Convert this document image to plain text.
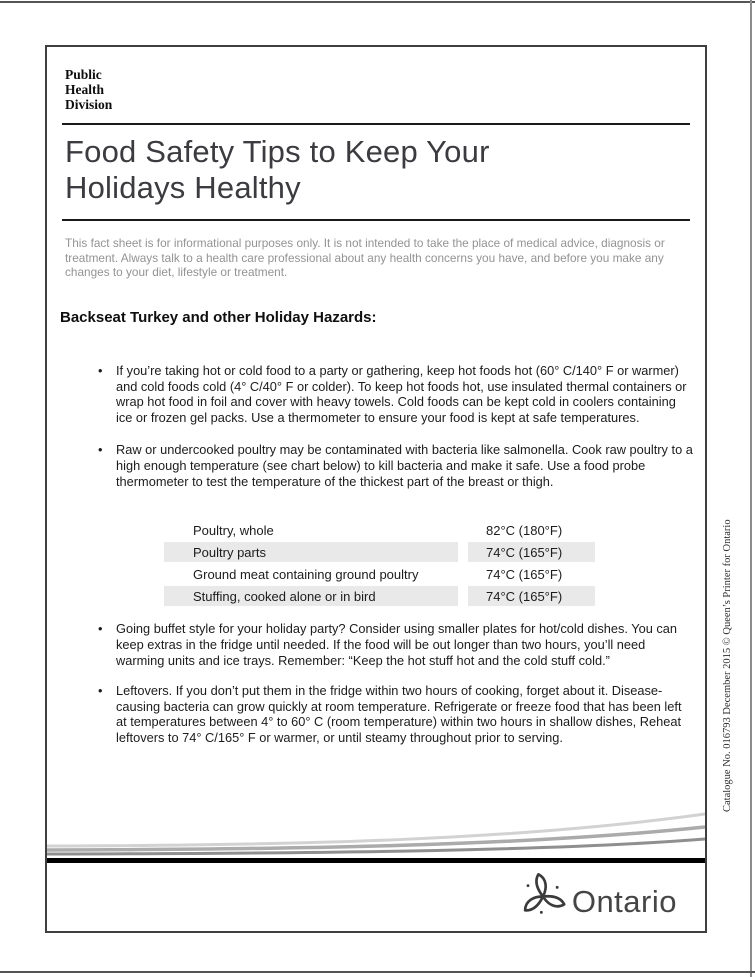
Public
Health
Division
Food Safety Tips to Keep Your
Holidays Healthy
This fact sheet is for informational purposes only. It is not intended to take the place of medical advice, diagnosis or treatment. Always talk to a health care professional about any health concerns you have, and before you make any changes to your diet, lifestyle or treatment.
Backseat Turkey and other Holiday Hazards:
• If you’re taking hot or cold food to a party or gathering, keep hot foods hot (60° C/140° F or warmer) and cold foods cold (4° C/40° F or colder). To keep hot foods hot, use insulated thermal containers or wrap hot food in foil and cover with heavy towels. Cold foods can be kept cold in coolers containing ice or frozen gel packs. Use a thermometer to ensure your food is kept at safe temperatures.
• Raw or undercooked poultry may be contaminated with bacteria like salmonella. Cook raw poultry to a high enough temperature (see chart below) to kill bacteria and make it safe. Use a food probe thermometer to test the temperature of the thickest part of the breast or thigh.
Poultry, whole	82°C (180°F)
Poultry parts	74°C (165°F)
Ground meat containing ground poultry	74°C (165°F)
Stuffing, cooked alone or in bird	74°C (165°F)
• Going buffet style for your holiday party? Consider using smaller plates for hot/cold dishes. You can keep extras in the fridge until needed. If the food will be out longer than two hours, you’ll need warming units and ice trays. Remember: “Keep the hot stuff hot and the cold stuff cold.”
• Leftovers. If you don’t put them in the fridge within two hours of cooking, forget about it. Disease-causing bacteria can grow quickly at room temperature. Refrigerate or freeze food that has been left at temperatures between 4° to 60° C (room temperature) within two hours in shallow dishes, Reheat leftovers to 74° C/165° F or warmer, or until steamy throughout prior to serving.
Ontario
Catalogue No. 016793 December 2015 © Queen’s Printer for Ontario
